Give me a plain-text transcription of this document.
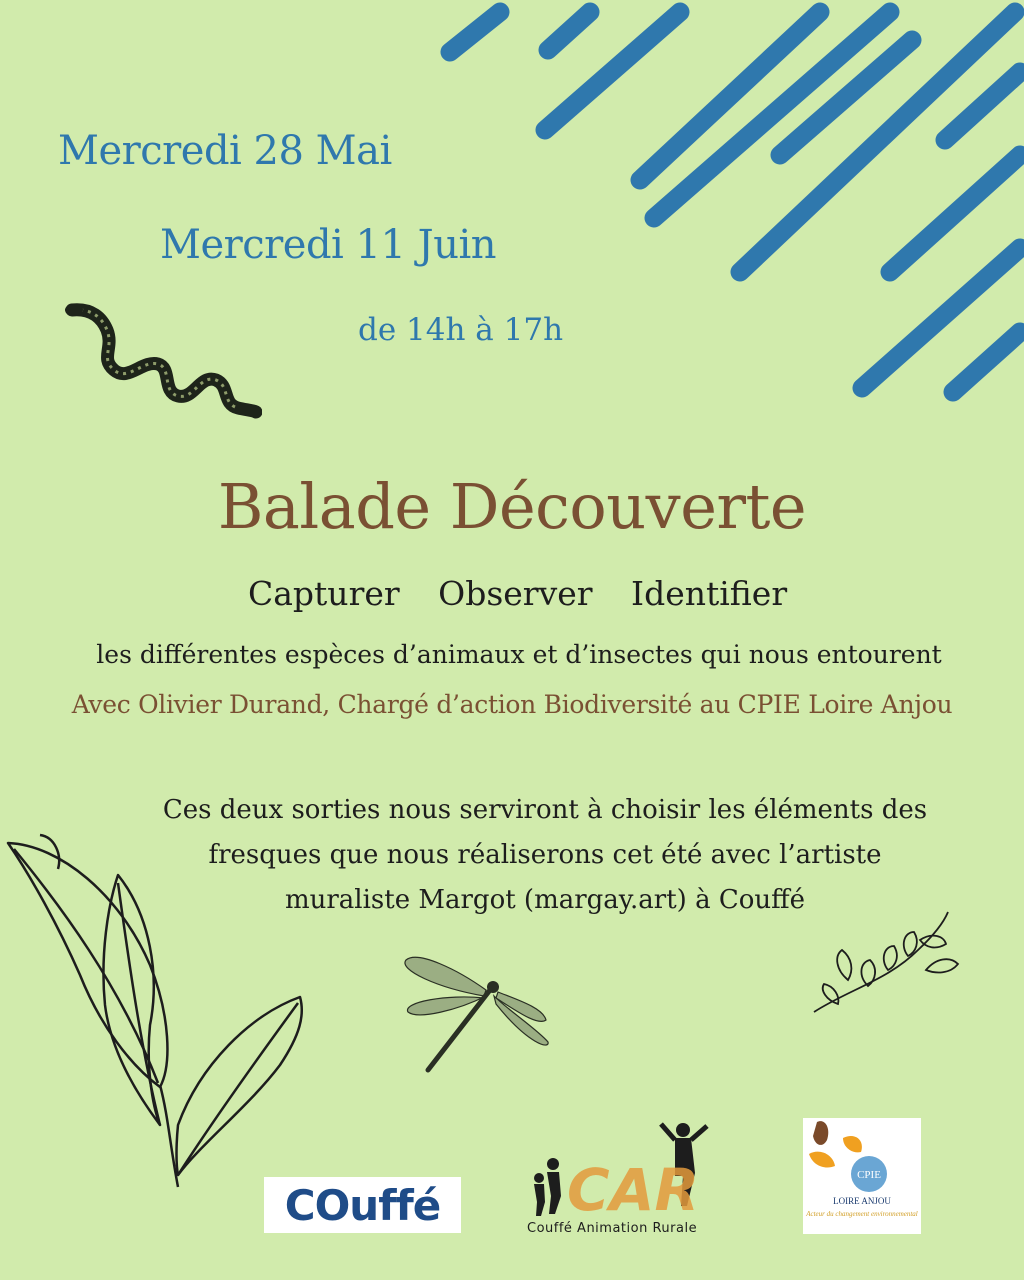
Mercredi 28 Mai
Mercredi 11 Juin
de 14h à 17h
Balade Découverte
Capturer Observer Identifier
les différentes espèces d’animaux et d’insectes qui nous entourent
Avec Olivier Durand, Chargé d’action Biodiversité au CPIE Loire Anjou
Ces deux sorties nous serviront à choisir les éléments des
fresques que nous réaliserons cet été avec l’artiste
muraliste Margot (margay.art) à Couffé
COuffé CAR
Couffé Animation Rurale
CPIE
LOIRE ANJOU
Acteur du changement environnemental
